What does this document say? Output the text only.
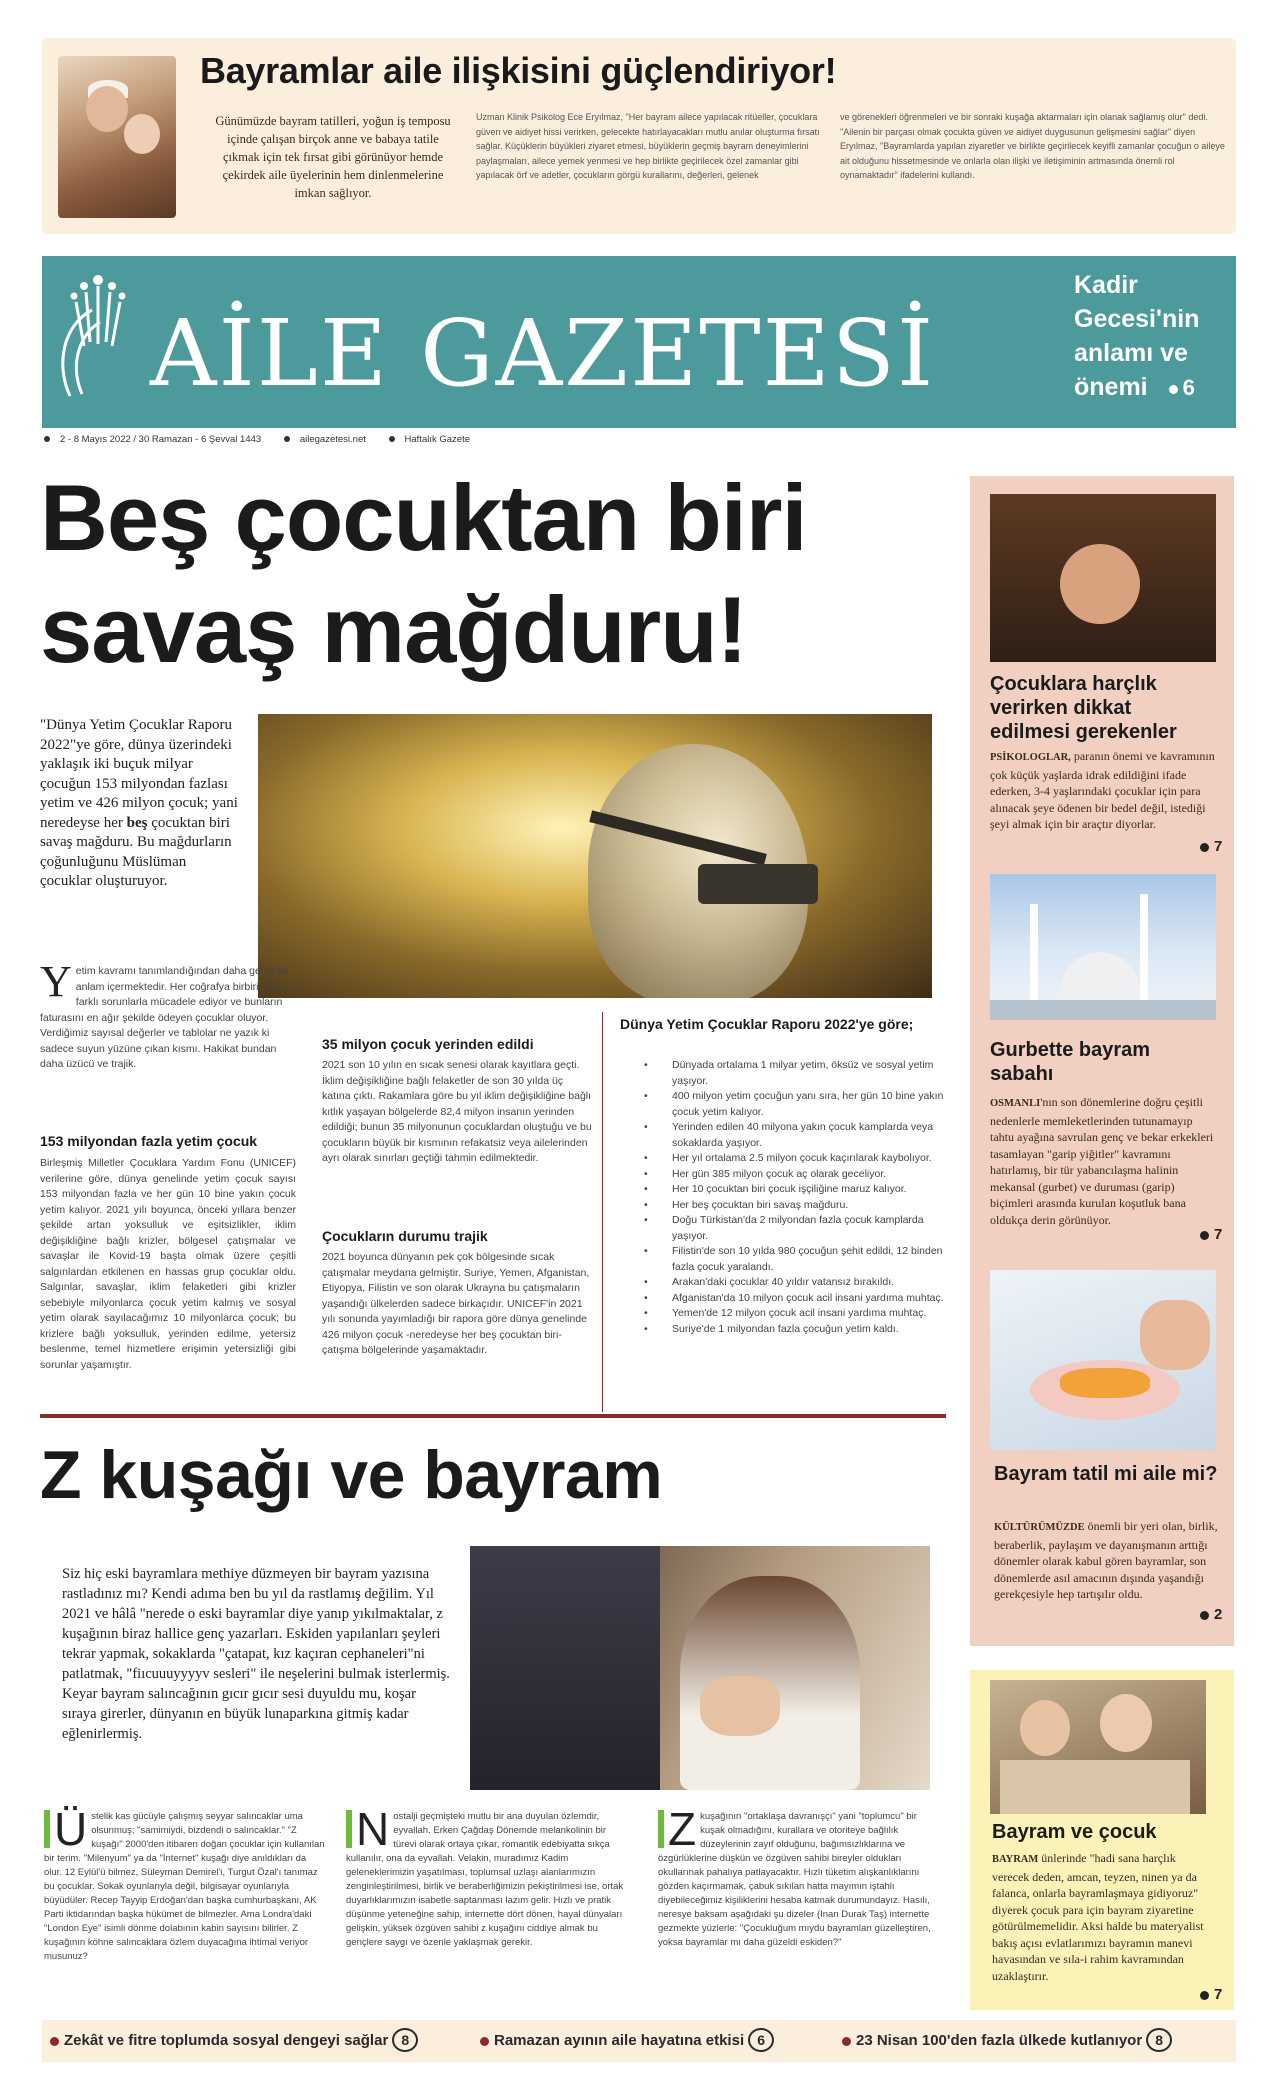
Bayramlar aile ilişkisini güçlendiriyor!
Günümüzde bayram tatilleri, yoğun iş temposu içinde çalışan birçok anne ve babaya tatile çıkmak için tek fırsat gibi görünüyor hemde çekirdek aile üyelerinin hem dinlenmelerine imkan sağlıyor.
Uzman Klinik Psikolog Ece Eryılmaz, "Her bayram ailece yapılacak ritüeller, çocuklara güven ve aidiyet hissi verirken, gelecekte hatırlayacakları mutlu anılar oluşturma fırsatı sağlar. Küçüklerin büyükleri ziyaret etmesi, büyüklerin geçmiş bayram deneyimlerini paylaşmaları, ailece yemek yenmesi ve hep birlikte geçirilecek özel zamanlar gibi yapılacak örf ve adetler, çocukların görgü kurallarını, değerleri, gelenek
ve görenekleri öğrenmeleri ve bir sonraki kuşağa aktarmaları için olanak sağlamış olur" dedi. "Ailenin bir parçası olmak çocukta güven ve aidiyet duygusunun gelişmesini sağlar" diyen Eryılmaz, "Bayramlarda yapılan ziyaretler ve birlikte geçirilecek keyifli zamanlar çocuğun o aileye ait olduğunu hissetmesinde ve onlarla olan ilişki ve iletişiminin artmasında önemli rol oynamaktadır" ifadelerini kullandı.
AİLE GAZETESİ
Kadir Gecesi'nin anlamı ve önemi 6
2 - 8 Mayıs 2022 / 30 Ramazan - 6 Şevval 1443	ailegazetesi.net	Haftalık Gazete
Beş çocuktan biri savaş mağduru!
"Dünya Yetim Çocuklar Raporu 2022"ye göre, dünya üzerindeki yaklaşık iki buçuk milyar çocuğun 153 milyondan fazlası yetim ve 426 milyon çocuk; yani neredeyse her beş çocuktan biri savaş mağduru. Bu mağdurların çoğunluğunu Müslüman çocuklar oluşturuyor.
Yetim kavramı tanımlandığından daha geniş bir anlam içermektedir. Her coğrafya birbirinden farklı sorunlarla mücadele ediyor ve bunların faturasını en ağır şekilde ödeyen çocuklar oluyor. Verdiğimiz sayısal değerler ve tablolar ne yazık ki sadece suyun yüzüne çıkan kısmı. Hakikat bundan daha üzücü ve trajik.
153 milyondan fazla yetim çocuk
Birleşmiş Milletler Çocuklara Yardım Fonu (UNICEF) verilerine göre, dünya genelinde yetim çocuk sayısı 153 milyondan fazla ve her gün 10 bine yakın çocuk yetim kalıyor. 2021 yılı boyunca, önceki yıllara benzer şekilde artan yoksulluk ve eşitsizlikler, iklim değişikliğine bağlı krizler, bölgesel çatışmalar ve savaşlar ile Kovid-19 başta olmak üzere çeşitli salgınlardan etkilenen en hassas grup çocuklar oldu. Salgınlar, savaşlar, iklim felaketleri gibi krizler sebebiyle milyonlarca çocuk yetim kalmış ve sosyal yetim olarak sayılacağımız 10 milyonlarca çocuk; bu krizlere bağlı yoksulluk, yerinden edilme, yetersiz beslenme, temel hizmetlere erişimin yetersizliği gibi sorunlar yaşamıştır.
35 milyon çocuk yerinden edildi
2021 son 10 yılın en sıcak senesi olarak kayıtlara geçti. İklim değişikliğine bağlı felaketler de son 30 yılda üç katına çıktı. Rakamlara göre bu yıl iklim değişikliğine bağlı kıtlık yaşayan bölgelerde 82,4 milyon insanın yerinden edildiği; bunun 35 milyonunun çocuklardan oluştuğu ve bu çocukların büyük bir kısmının refakatsiz veya ailelerinden ayrı olarak sınırları geçtiği tahmin edilmektedir.
Çocukların durumu trajik
2021 boyunca dünyanın pek çok bölgesinde sıcak çatışmalar meydana gelmiştir. Suriye, Yemen, Afganistan, Etiyopya, Filistin ve son olarak Ukrayna bu çatışmaların yaşandığı ülkelerden sadece birkaçıdır. UNICEF'in 2021 yılı sonunda yayımladığı bir rapora göre dünya genelinde 426 milyon çocuk -neredeyse her beş çocuktan biri- çatışma bölgelerinde yaşamaktadır.
Dünya Yetim Çocuklar Raporu 2022'ye göre;
• Dünyada ortalama 1 milyar yetim, öksüz ve sosyal yetim yaşıyor.
• 400 milyon yetim çocuğun yanı sıra, her gün 10 bine yakın çocuk yetim kalıyor.
• Yerinden edilen 40 milyona yakın çocuk kamplarda veya sokaklarda yaşıyor.
• Her yıl ortalama 2.5 milyon çocuk kaçırılarak kaybolıyor.
• Her gün 385 milyon çocuk aç olarak geceliyor.
• Her 10 çocuktan biri çocuk işçiliğine maruz kalıyor.
• Her beş çocuktan biri savaş mağduru.
• Doğu Türkistan'da 2 milyondan fazla çocuk kamplarda yaşıyor.
• Filistin'de son 10 yılda 980 çocuğun şehit edildi, 12 binden fazla çocuk yaralandı.
• Arakan'daki çocuklar 40 yıldır vatansız bırakıldı.
• Afganistan'da 10 milyon çocuk acil insani yardıma muhtaç.
• Yemen'de 12 milyon çocuk acil insani yardıma muhtaç.
• Suriye'de 1 milyondan fazla çocuğun yetim kaldı.
Z kuşağı ve bayram
Siz hiç eski bayramlara methiye düzmeyen bir bayram yazısına rastladınız mı? Kendi adıma ben bu yıl da rastlamış değilim. Yıl 2021 ve hâlâ "nerede o eski bayramlar diye yanıp yıkılmaktalar, z kuşağının biraz hallice genç yazarları. Eskiden yapılanları şeyleri tekrar yapmak, sokaklarda "çatapat, kız kaçıran cephaneleri"ni patlatmak, "fiıcuuuyyyyv sesleri" ile neşelerini bulmak isterlermiş. Keyar bayram salıncağının gıcır gıcır sesi duyuldu mu, koşar sıraya girerler, dünyanın en büyük lunaparkına gitmiş kadar eğlenirlermiş.
Ü stelik kas gücüyle çalışmış seyyar salıncaklar uma olsunmuş; "samimiydi, bizdendi o salıncaklar." "Z kuşağı" 2000'den itibaren doğan çocuklar için kullanılan bir terim. "Milenyum" ya da "İnternet" kuşağı diye anıldıkları da olur. 12 Eylül'ü bilmez, Süleyman Demirel'i, Turgut Özal'ı tanımaz bu çocuklar. Sokak oyunlarıyla değil, bilgisayar oyunlarıyla büyüdüler. Recep Tayyip Erdoğan'dan başka cumhurbaşkanı, AK Parti iktidarından başka hükümet de bilmezler. Ama Londra'daki "London Eye" isimli dönme dolabının kabin sayısını bilirler. Z kuşağının köhne salıncaklara özlem duyacağına ihtimal veriyor musunuz?
N ostalji geçmişteki mutlu bir ana duyulan özlemdir, eyvallah. Erken Çağdaş Dönemde melankolinin bir türevi olarak ortaya çıkar, romantik edebiyatta sıkça kullanılır, ona da eyvallah. Velakin, muradımız Kadim geleneklerimizin yaşatılması, toplumsal uzlaşı alanlarımızın zenginleştirilmesi, birlik ve beraberliğimizin pekiştirilmesi ise, ortak duyarlıklarımızın isabetle saptanması lazım gelir. Hızlı ve pratik düşünme yeteneğine sahip, internette dört dönen, hayal dünyaları gelişkin, yüksek özgüven sahibi z kuşağını ciddiye almak bu gençlere saygı ve özenle yaklaşmak gerekir.
Z kuşağının "ortaklaşa davranışçı" yani "toplumcu" bir kuşak olmadığını, kurallara ve otoriteye bağlılık düzeylerinin zayıf olduğunu, bağımsızlıklarına ve özgürlüklerine düşkün ve özgüven sahibi bireyler oldukları okullarınak pahalıya patlayacaktır. Hızlı tüketim alışkanlıklarını gözden kaçırmamak, çabuk sıkılan hatta mayımın iştahlı diyebileceğimiz kişiliklerini hesaba katmak durumundayız. Hasılı, neresye baksam aşağıdaki şu dizeler (Inan Durak Taş) internette gezmekte yüzlerle: "Çocukluğum mıydu bayramları güzelleştiren, yoksa bayramlar mı daha güzeldi eskiden?"
Zekât ve fitre toplumda sosyal dengeyi sağlar 8	Ramazan ayının aile hayatına etkisi 6	23 Nisan 100'den fazla ülkede kutlanıyor 8
Çocuklara harçlık verirken dikkat edilmesi gerekenler
PSİKOLOGLAR, paranın önemi ve kavramının çok küçük yaşlarda idrak edildiğini ifade ederken, 3-4 yaşlarındaki çocuklar için para alınacak şeye ödenen bir bedel değil, istediği şeyi almak için bir araçtır diyorlar.
7
Gurbette bayram sabahı
OSMANLI'nın son dönemlerine doğru çeşitli nedenlerle memleketlerinden tutunamayıp tahtu ayağına savrulan genç ve bekar erkekleri tasamlayan "garip yiğitler" kavramını hatırlamış, bir tür yabancılaşma halinin mekansal (gurbet) ve duruması (garip) biçimleri arasında kurulan koşutluk bana oldukça derin görünüyor.
7
Bayram tatil mi aile mi?
KÜLTÜRÜMÜZDE önemli bir yeri olan, birlik, beraberlik, paylaşım ve dayanışmanın arttığı dönemler olarak kabul gören bayramlar, son dönemlerde asıl amacının dışında yaşandığı gerekçesiyle hep tartışılır oldu.
2
Bayram ve çocuk
BAYRAM ünlerinde "hadi sana harçlık verecek deden, amcan, teyzen, ninen ya da falanca, onlarla bayramlaşmaya gidiyoruz" diyerek çocuk para için bayram ziyaretine götürülmemelidir. Aksi halde bu materyalist bakış açısı evlatlarımızı bayramın manevi havasından ve sıla-i rahim kavramından uzaklaştırır.
7
